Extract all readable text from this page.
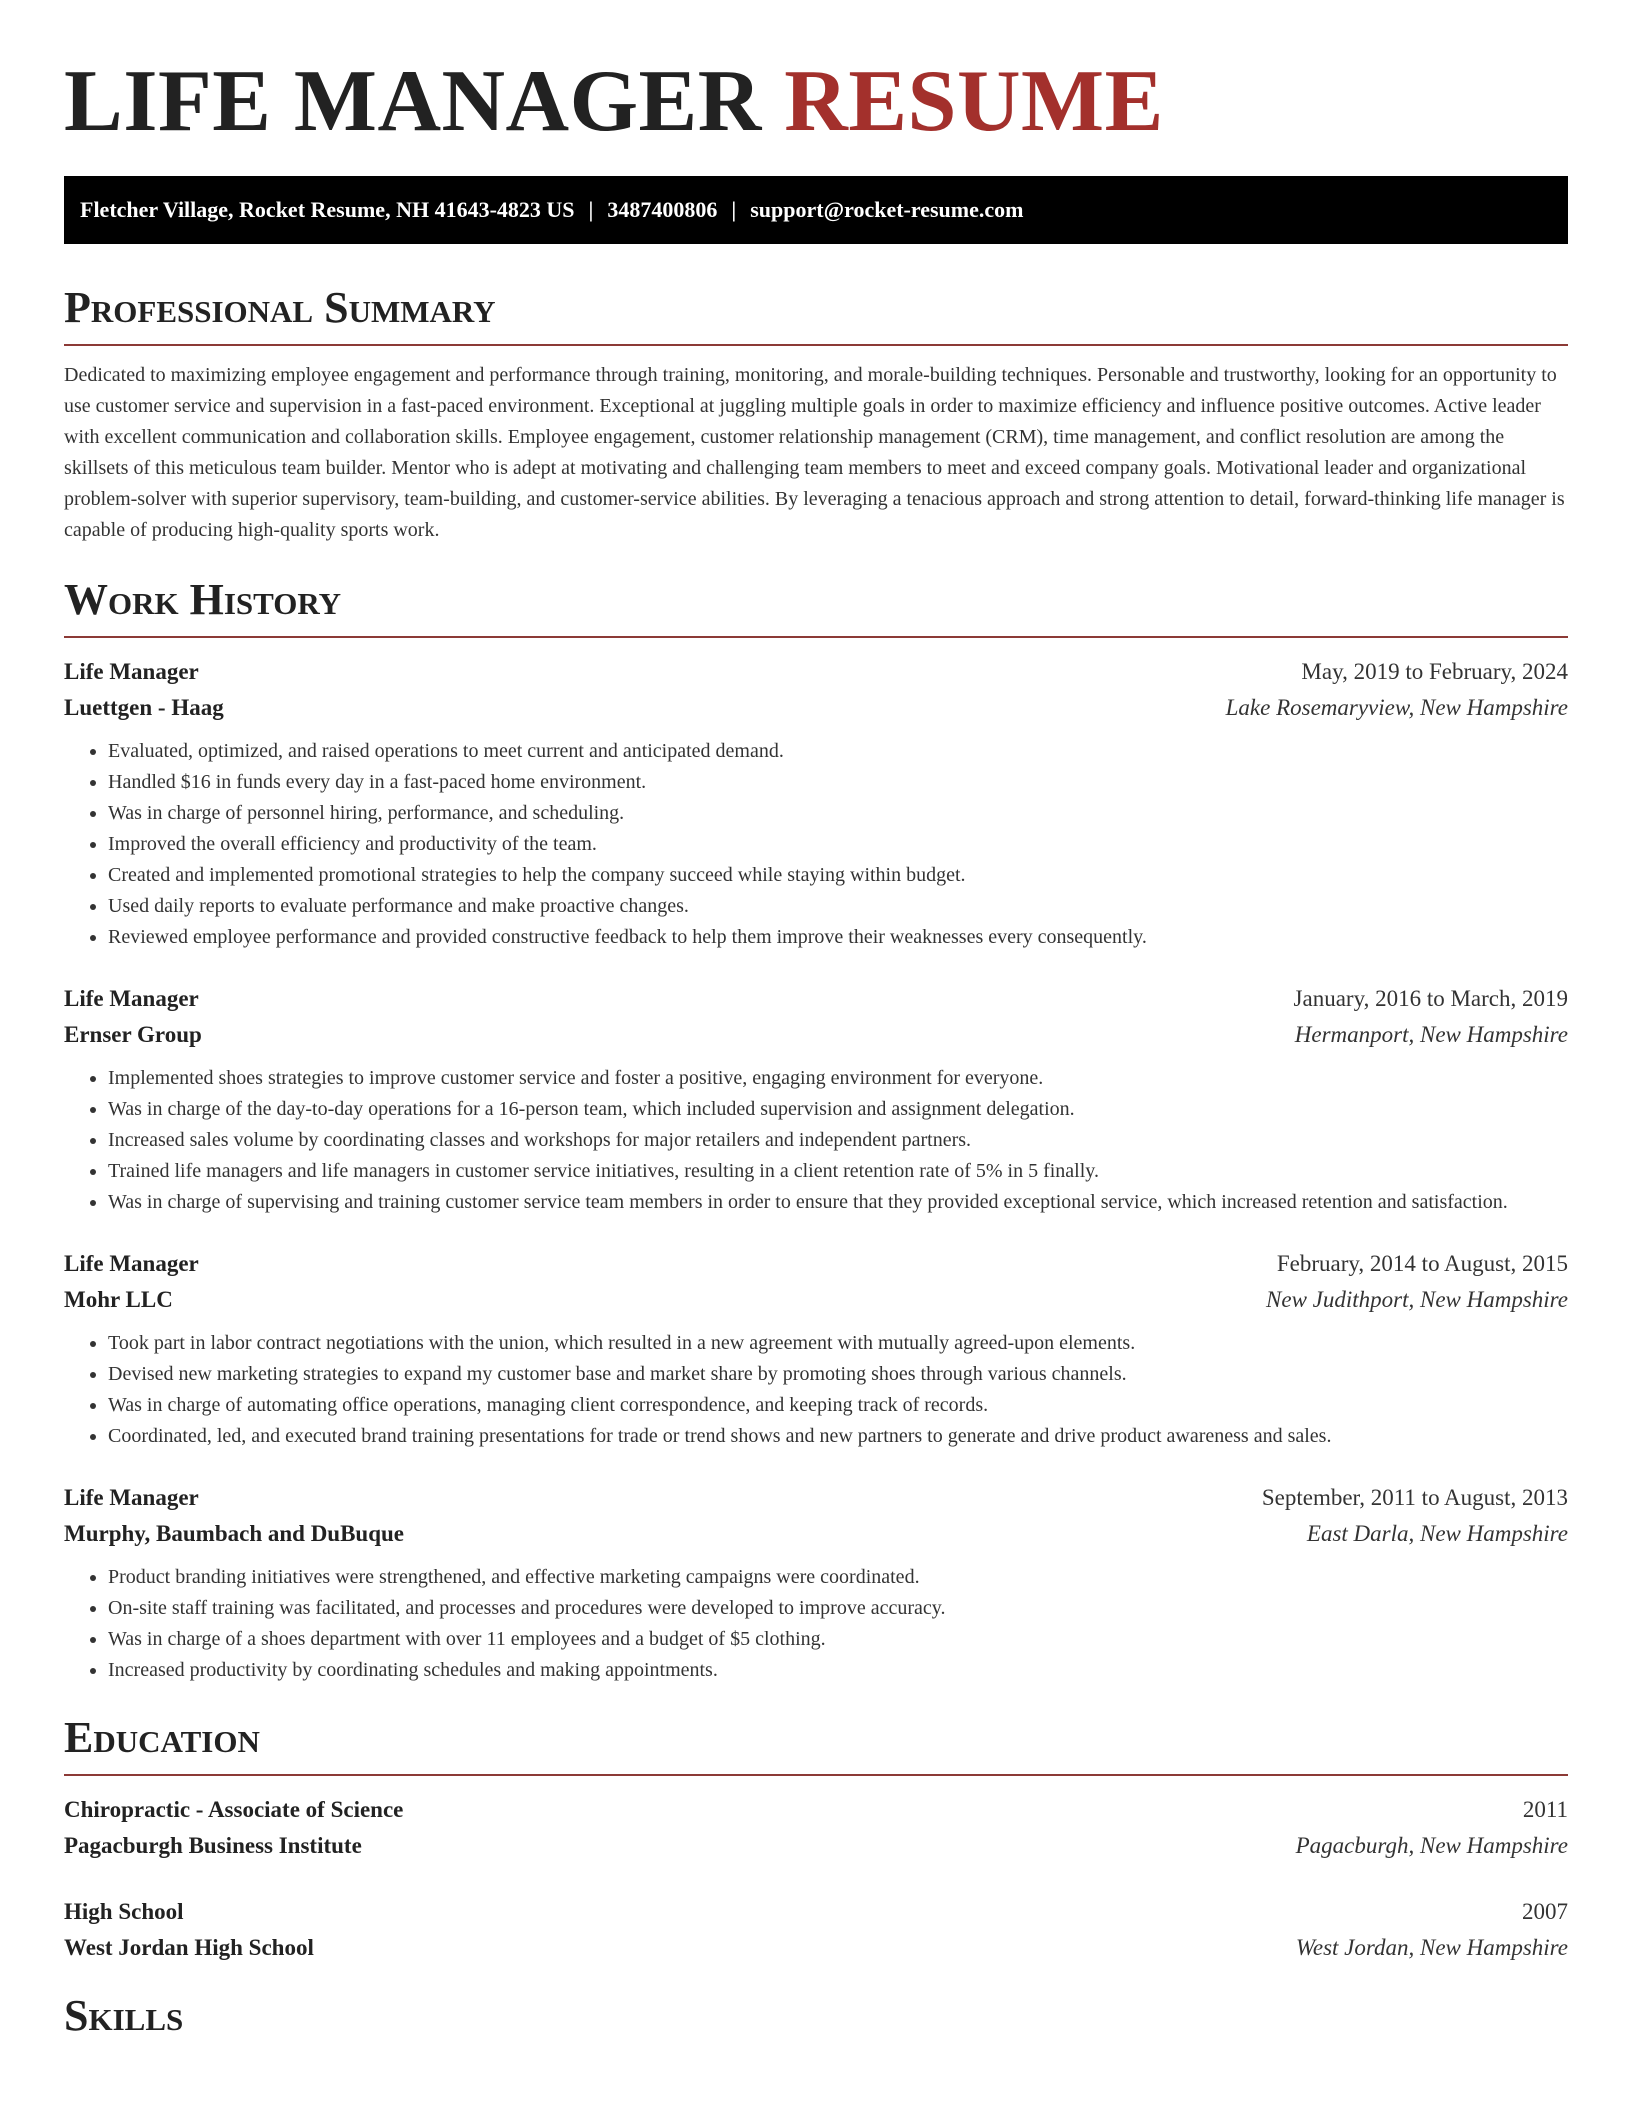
LIFE MANAGER RESUME
Fletcher Village, Rocket Resume, NH 41643-4823 US | 3487400806 | support@rocket-resume.com
Professional Summary

Dedicated to maximizing employee engagement and performance through training, monitoring, and morale-building techniques. Personable and trustworthy, looking for an opportunity to use customer service and supervision in a fast-paced environment. Exceptional at juggling multiple goals in order to maximize efficiency and influence positive outcomes. Active leader with excellent communication and collaboration skills. Employee engagement, customer relationship management (CRM), time management, and conflict resolution are among the skillsets of this meticulous team builder. Mentor who is adept at motivating and challenging team members to meet and exceed company goals. Motivational leader and organizational problem-solver with superior supervisory, team-building, and customer-service abilities. By leveraging a tenacious approach and strong attention to detail, forward-thinking life manager is capable of producing high-quality sports work.

Work History
Life Manager	May, 2019 to February, 2024
Luettgen - Haag	Lake Rosemaryview, New Hampshire
• Evaluated, optimized, and raised operations to meet current and anticipated demand.
• Handled $16 in funds every day in a fast-paced home environment.
• Was in charge of personnel hiring, performance, and scheduling.
• Improved the overall efficiency and productivity of the team.
• Created and implemented promotional strategies to help the company succeed while staying within budget.
• Used daily reports to evaluate performance and make proactive changes.
• Reviewed employee performance and provided constructive feedback to help them improve their weaknesses every consequently.
Life Manager	January, 2016 to March, 2019
Ernser Group	Hermanport, New Hampshire
• Implemented shoes strategies to improve customer service and foster a positive, engaging environment for everyone.
• Was in charge of the day-to-day operations for a 16-person team, which included supervision and assignment delegation.
• Increased sales volume by coordinating classes and workshops for major retailers and independent partners.
• Trained life managers and life managers in customer service initiatives, resulting in a client retention rate of 5% in 5 finally.
• Was in charge of supervising and training customer service team members in order to ensure that they provided exceptional service, which increased retention and satisfaction.
Life Manager	February, 2014 to August, 2015
Mohr LLC	New Judithport, New Hampshire
• Took part in labor contract negotiations with the union, which resulted in a new agreement with mutually agreed-upon elements.
• Devised new marketing strategies to expand my customer base and market share by promoting shoes through various channels.
• Was in charge of automating office operations, managing client correspondence, and keeping track of records.
• Coordinated, led, and executed brand training presentations for trade or trend shows and new partners to generate and drive product awareness and sales.
Life Manager	September, 2011 to August, 2013
Murphy, Baumbach and DuBuque	East Darla, New Hampshire
• Product branding initiatives were strengthened, and effective marketing campaigns were coordinated.
• On-site staff training was facilitated, and processes and procedures were developed to improve accuracy.
• Was in charge of a shoes department with over 11 employees and a budget of $5 clothing.
• Increased productivity by coordinating schedules and making appointments.
Education
Chiropractic - Associate of Science	2011
Pagacburgh Business Institute	Pagacburgh, New Hampshire
High School	2007
West Jordan High School	West Jordan, New Hampshire
Skills
